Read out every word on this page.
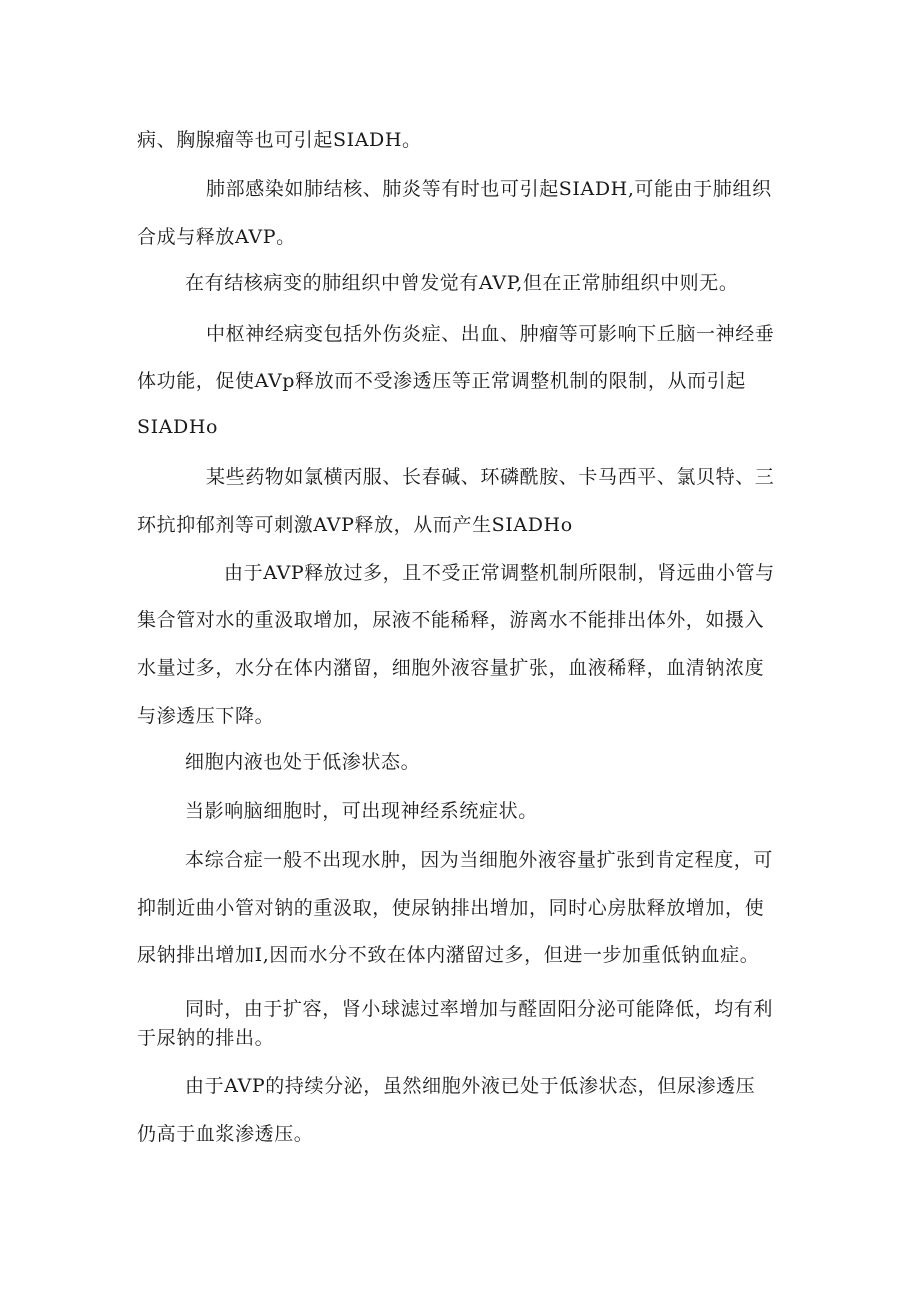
病、胸腺瘤等也可引起SIADH。
肺部感染如肺结核、肺炎等有时也可引起SIADH,可能由于肺组织
合成与释放AVP。
在有结核病变的肺组织中曾发觉有AVP,但在正常肺组织中则无。
中枢神经病变包括外伤炎症、出血、肿瘤等可影响下丘脑一神经垂
体功能，促使AVp释放而不受渗透压等正常调整机制的限制，从而引起
SIADHo
某些药物如氯横丙服、长春碱、环磷酰胺、卡马西平、氯贝特、三
环抗抑郁剂等可刺激AVP释放，从而产生SIADHo
由于AVP释放过多，且不受正常调整机制所限制，肾远曲小管与
集合管对水的重汲取增加，尿液不能稀释，游离水不能排出体外，如摄入
水量过多，水分在体内潴留，细胞外液容量扩张，血液稀释，血清钠浓度
与渗透压下降。
细胞内液也处于低渗状态。
当影响脑细胞时，可出现神经系统症状。
本综合症一般不出现水肿，因为当细胞外液容量扩张到肯定程度，可
抑制近曲小管对钠的重汲取，使尿钠排出增加，同时心房肽释放增加，使
尿钠排出增加I,因而水分不致在体内潴留过多，但进一步加重低钠血症。
同时，由于扩容，肾小球滤过率增加与醛固阳分泌可能降低，均有利
于尿钠的排出。
由于AVP的持续分泌，虽然细胞外液已处于低渗状态，但尿渗透压
仍高于血浆渗透压。
